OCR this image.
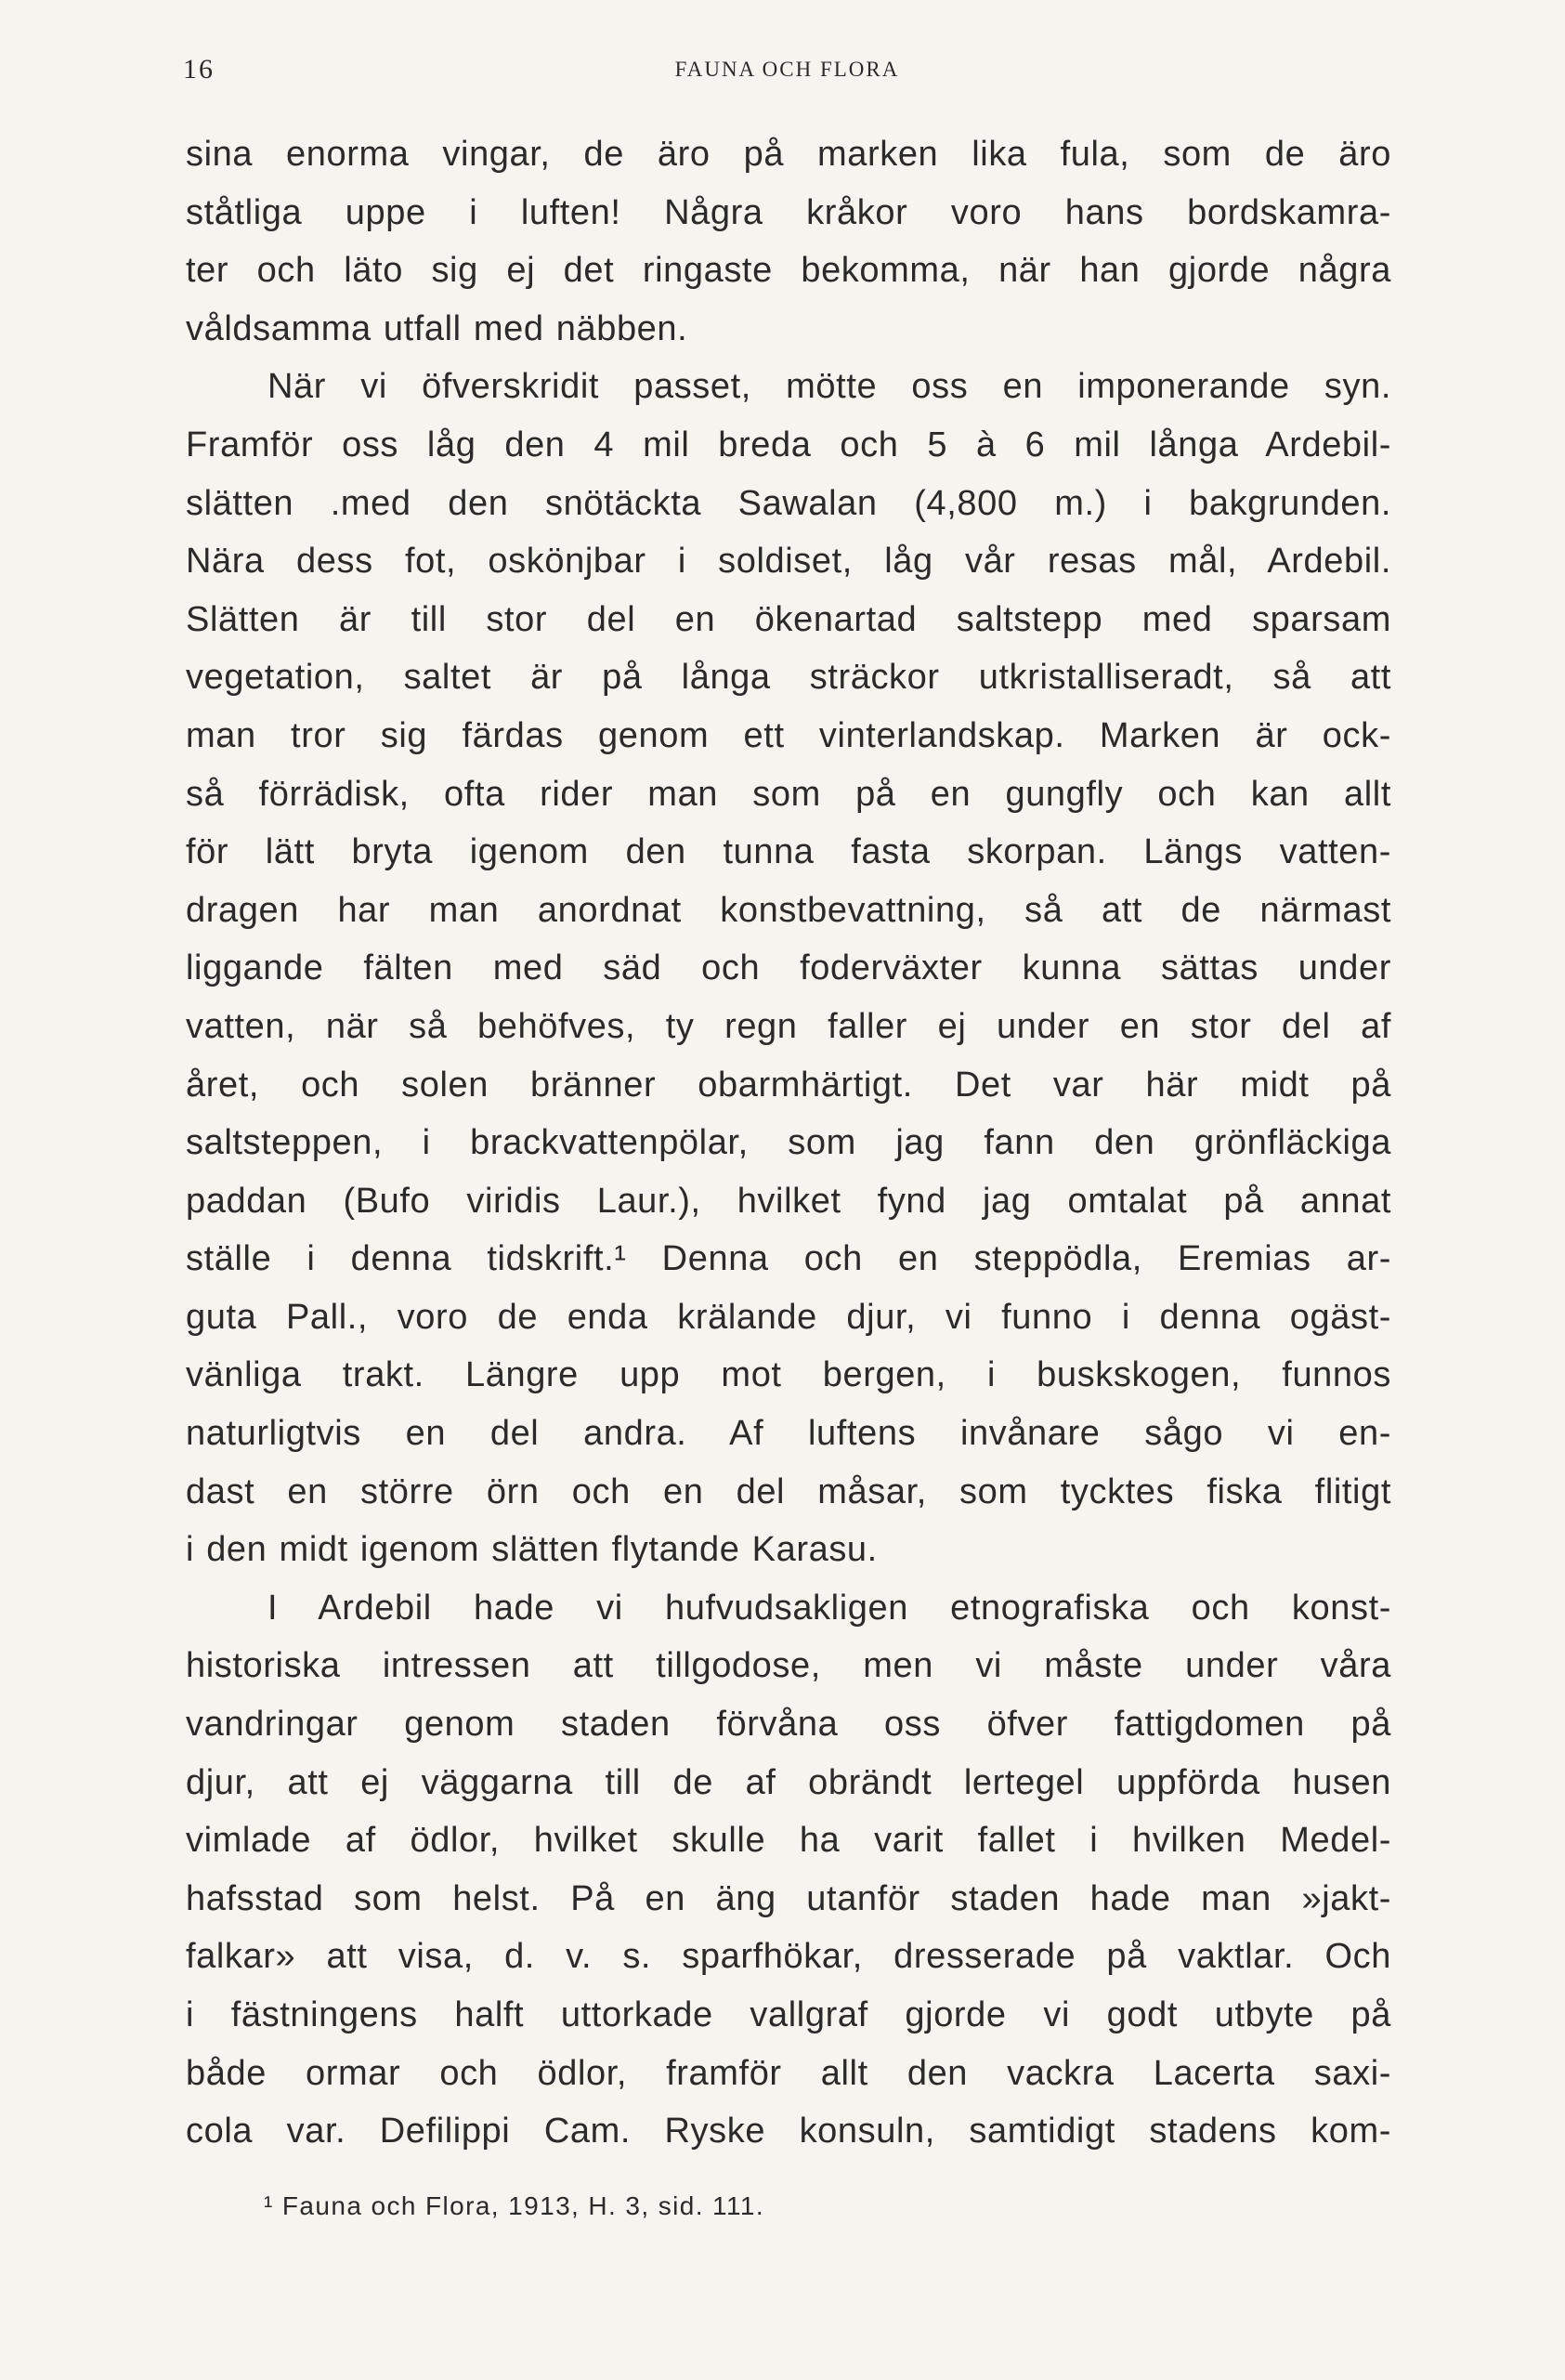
16	FAUNA OCH FLORA
sina enorma vingar, de äro på marken lika fula, som de äro
ståtliga uppe i luften! Några kråkor voro hans bordskamra-
ter och läto sig ej det ringaste bekomma, när han gjorde några
våldsamma utfall med näbben.
När vi öfverskridit passet, mötte oss en imponerande syn.
Framför oss låg den 4 mil breda och 5 à 6 mil långa Ardebil-
slätten .med den snötäckta Sawalan (4,800 m.) i bakgrunden.
Nära dess fot, oskönjbar i soldiset, låg vår resas mål, Ardebil.
Slätten är till stor del en ökenartad saltstepp med sparsam
vegetation, saltet är på långa sträckor utkristalliseradt, så att
man tror sig färdas genom ett vinterlandskap. Marken är ock-
så förrädisk, ofta rider man som på en gungfly och kan allt
för lätt bryta igenom den tunna fasta skorpan. Längs vatten-
dragen har man anordnat konstbevattning, så att de närmast
liggande fälten med säd och foderväxter kunna sättas under
vatten, när så behöfves, ty regn faller ej under en stor del af
året, och solen bränner obarmhärtigt. Det var här midt på
saltsteppen, i brackvattenpölar, som jag fann den grönfläckiga
paddan (Bufo viridis Laur.), hvilket fynd jag omtalat på annat
ställe i denna tidskrift.¹ Denna och en steppödla, Eremias ar-
guta Pall., voro de enda krälande djur, vi funno i denna ogäst-
vänliga trakt. Längre upp mot bergen, i buskskogen, funnos
naturligtvis en del andra. Af luftens invånare sågo vi en-
dast en större örn och en del måsar, som tycktes fiska flitigt
i den midt igenom slätten flytande Karasu.
I Ardebil hade vi hufvudsakligen etnografiska och konst-
historiska intressen att tillgodose, men vi måste under våra
vandringar genom staden förvåna oss öfver fattigdomen på
djur, att ej väggarna till de af obrändt lertegel uppförda husen
vimlade af ödlor, hvilket skulle ha varit fallet i hvilken Medel-
hafsstad som helst. På en äng utanför staden hade man »jakt-
falkar» att visa, d. v. s. sparfhökar, dresserade på vaktlar. Och
i fästningens halft uttorkade vallgraf gjorde vi godt utbyte på
både ormar och ödlor, framför allt den vackra Lacerta saxi-
cola var. Defilippi Cam. Ryske konsuln, samtidigt stadens kom-
¹ Fauna och Flora, 1913, H. 3, sid. 111.
